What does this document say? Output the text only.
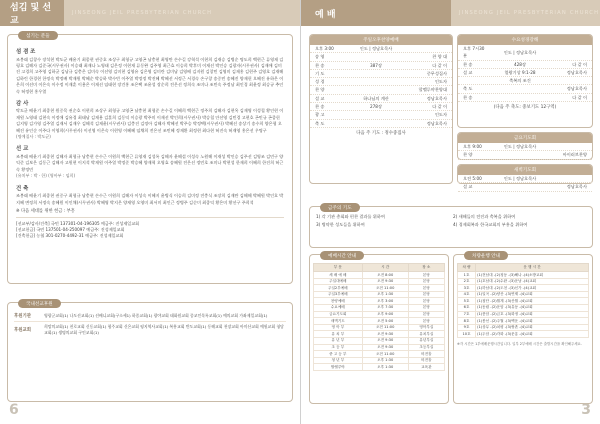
섬김 및 선교
JINSEONG JEIL PRESBYTERIAN CHURCH
섬기는 분들
섬 겸 조
조봉래 김창수 장석현 박도균 배윤기 최종현 권중호 조상구 최형규 고영곤 남충현 최영만 손수길 강혁석 이현희 김재승 김병순 명도희 백현근 류영재 김평호 김해자 김준국(시무권사) 이승래 최재나 노영태 김은정 이현재 류동완 김주영 최근효 이승희 박후미 이재선 박인승 김광자(시무권사) 김재애 김미진 고경희 고주영 김하균 김남규 김충은 김미숙 이선영 김미현 김영유 김은영 김미란 김미남 김영배 김지원 김창민 김영미 김재홍 김현주 김영호 김재해 김하린 한경현 한정숙 박정배 박재원 박혜순 박승하 박수빈 이주열 박정정 박진혜 박혜선 서정근 서경숙 손구창 송중민 송혜진 양재헌 오혜진 유하은 이은희 이선미 이은숙 이수정 이재훈 이용은 이재선 임태현 장건홍 조은택 조윤성 장순희 전은선 정희숙 조미나 조민숙 주정남 최인경 최윤정 최승규 추인숙 허정현 홍우열
감 사
탁도균 배윤기 최종현 원중목 권순호 이현희 조상구 최형규 고영곤 남충현 최형준 손수길 이혜희 백현근 정주희 김해자 김현옥 김재영 이성철 황인현 이재원 노영태 김현숙 이정애 김유경 최태남 김재용 김훈희 김동익 이승광 박주미 이재선 박인희(시무권사) 박승철 안선영 김민경 고현호 곤민규 곤종헌 김지영 김가영 김주열 김재서 김재우 김해석 김재윤(시무권사) 김충진 김정아 김해자 박혜선 박주승 박정택(시무권사) 박혜선 송상기 송수희 양은형 오혜진 유인순 이주다 이영희(시무권사) 이선영 이은숙 이현영 이혜혜 임채희 전은선 조민혜 정재환 최정현 최다현 허진숙 허재영 홍은선 우명구
(명예집사 : 박도균)
선 교
조봉래 배윤기 최종현 김해자 최형규 남충현 손수근 이원희 백현근 류영재 김성록 김해자 윤해섭 이성숙 노원해 이재성 박인승 김주선 김영조 김민구 양익준 김보은 김동근 김해자 고원현 이지석 박재원 이주열 박정준 박승혜 양재혁 오영효 송혜원 전은선 정민호 조미나 박현성 한재희 이혜희 한진희 허근숙 황정민
(유치부 : 박 · 한) (영아부 : 임희)
건 축
조봉래 배윤기 최종현 권중구 최형규 남충현 손수근 이원희 김해자 이성숙 이혜지 윤병식 이승희 김미정 전충식 조장희 김재만 김해해 박혜원 박인호 박지혜 변정희 서정숙 송혜원 이인채(시무권사) 박혜영 박지은 양재영 오영미 최서미 최인근 정병주 김순미 최종익 황은미 황선구 주희석
※ 다음 세대를 위한 헌금 : 부흥
[선교부/감사/건축] 국민 137301-04-196305 예금주: 진성제일교회
[선교헌금] 국민 137501-04-250097 예금주: 진성제일교회
[건축헌금] 농협 301-0270-4492-31 예금주: 진성제일교회
국내선교후원
후원기관	영광군교회(1) 나도선교회(1) 선배니교회(구소세1) 하종교회(1) 광야교회 태화원교회 종교인목록교회(1) 예의교회 가좌제일교회(1)
후원교회
희망의교회(1) 천로교회 신동교회(1) 협주교회 신은교회 평지역사교회(1) 복흥교회 반도교회(1) 동해교회 천장교회 아미산교회 예원교회 청담교회(1) 생명의교회 구인교회(1)
6
예 배	JINSEONG JEIL PRESBYTERIAN CHURCH
주일오후찬양예배
오후 3:00	인도 | 정남호목사
송 영	찬 양 대
찬 송	387장	다 같 이
기 도	중무성집사
성 경	인도자
찬 양	할렐루야찬양대
설 교	하나님의 계산	정남호목사
찬 송	278장	다 같 이
광 고	인도자
축 도	정남호목사
다음 주 기도 : 정수중집사
수요성경강해
오후 7시30분
인도 | 정남호목사
찬 송	428장	다 같 이
설 교	열왕기상 9:1-28	정남호목사
축복의 조건
축 도	정남호목사
찬 송	다 같 이
(다음 주 축도: 중보기도 12구역)
금요기도회
오후 9:00	인도 | 정남호목사
찬 양	아이러브찬양
새벽기도회
오전 5:00	인도 | 정남호목사
설 교	정남호목사
금주의 기도
1) 각 기관 총회와 편찬 결과를 위하여	2) 새해들의 전진과 축복을 위하여
3) 병약한 성도들을 위하여	4) 경제회복과 한국교회의 부흥을 위하여
예배시간 안내
부 문	시 간	장 소
세 배 예 배	오전 8:00	본당
주일대예배	오전 9:30	본당
주일2부예배	오전 11:00	본당
주일3부예배	오후 1:30	본당
찬양예배	오후 3:00	본당
수요예배	오후 7:30	본당
금요기도회	오후 9:00	본당
새벽기도	오전 5:00	본당
영 아 부	오전 11:00	영아부실
유 치 부	오전 9:30	유치부실
유 년 부	오전 9:30	유년부실
초 등 부	오전 9:30	초등부실
중 고 등 부	오전 11:00	비전홀
청 년 부	오후 1:30	비전홀
할렐루야	오후 1:30	교육관
차량운행 안내
차 량	운 행 시 간
1호	(1)전남대 -(2)청동 -(3)해나 -(4)소방교회
2호	(1)호남대 -(2)수완 -(3)운남 -(4)교회
3호	(1)하남대 -(2)도천 -(3)신가 -(4)교회
4호	(1)일곡 -(2)양산 -(3)연제 -(4)교회
5호	(1)첨단 -(2)월계 -(3)산월 -(4)교회
6호	(1)동림 -(2)운암 -(3)유동 -(4)교회
7호	(1)풍암 -(2)금호 -(3)화정 -(4)교회
8호	(1)봉선 -(2)주월 -(3)백운 -(4)교회
9호	(1)상무 -(2)치평 -(3)쌍촌 -(4)교회
10호	(1)두암 -(2)각화 -(3)문흥 -(4)교회
※각 시간은 1부예배운행시간입니다. 일부 2부예배 시간은 출발시간을 확인해주세요.
3
